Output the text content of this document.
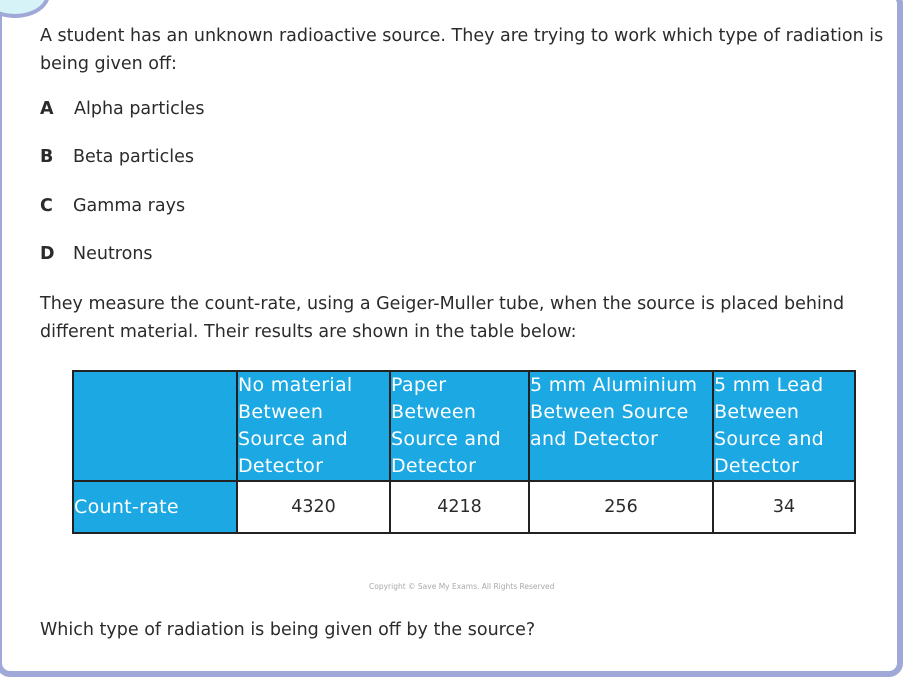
A student has an unknown radioactive source. They are trying to work which type of radiation is being given off:
A Alpha particles
B Beta particles
C Gamma rays
D Neutrons
They measure the count-rate, using a Geiger-Muller tube, when the source is placed behind different material. Their results are shown in the table below:

	No material
Between
Source and
Detector	Paper
Between
Source and
Detector	5 mm Aluminium
Between Source
and Detector	5 mm Lead
Between
Source and
Detector

Count-rate	4320	4218	256	34
Copyright © Save My Exams. All Rights Reserved
Which type of radiation is being given off by the source?
